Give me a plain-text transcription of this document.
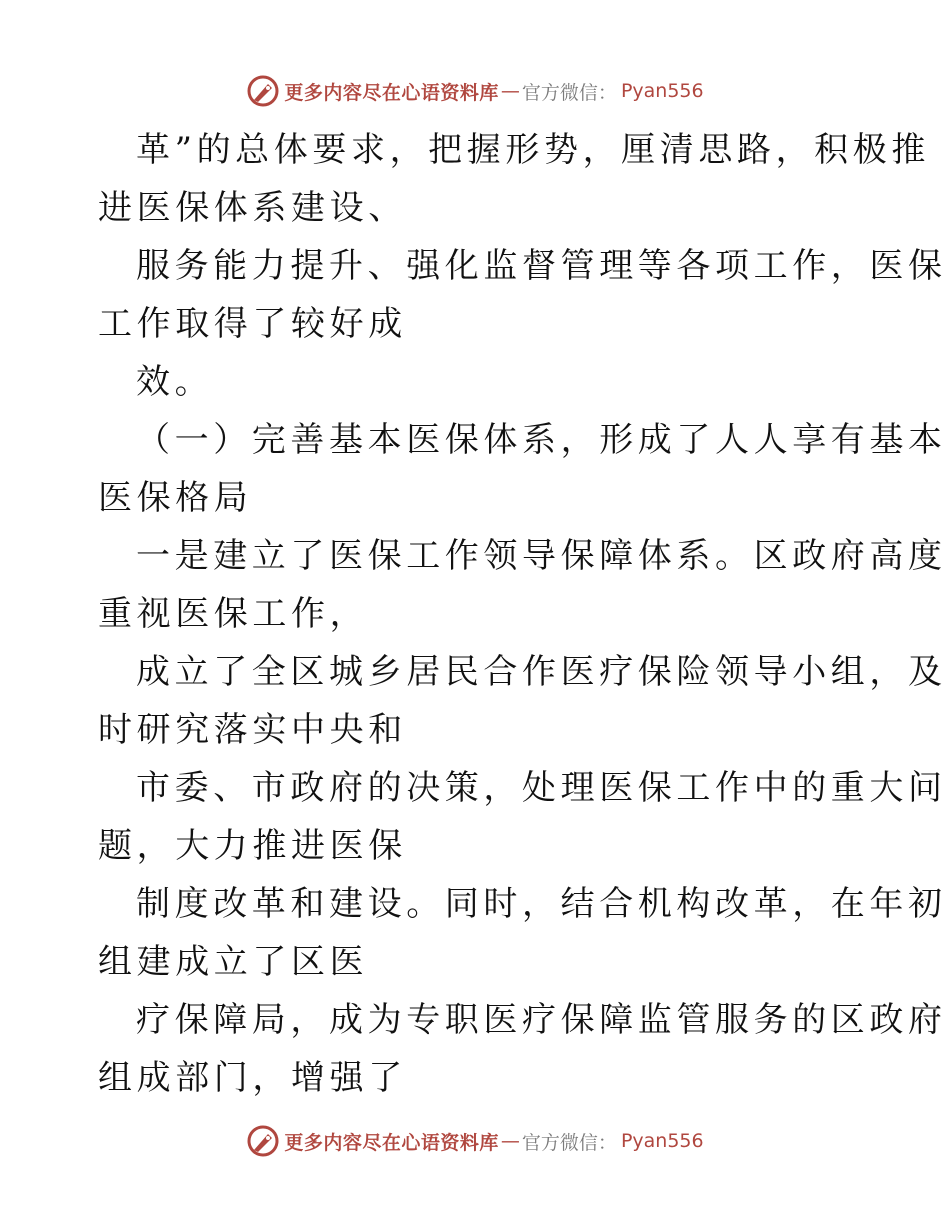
更多内容尽在心语资料库 — 官方微信： Pyan556
革”的总体要求，把握形势，厘清思路，积极推
进医保体系建设、
服务能力提升、强化监督管理等各项工作，医保
工作取得了较好成
效。
（一）完善基本医保体系，形成了人人享有基本
医保格局
一是建立了医保工作领导保障体系。区政府高度
重视医保工作，
成立了全区城乡居民合作医疗保险领导小组，及
时研究落实中央和
市委、市政府的决策，处理医保工作中的重大问
题，大力推进医保
制度改革和建设。同时，结合机构改革，在年初
组建成立了区医
疗保障局，成为专职医疗保障监管服务的区政府
组成部门，增强了
更多内容尽在心语资料库 — 官方微信： Pyan556
